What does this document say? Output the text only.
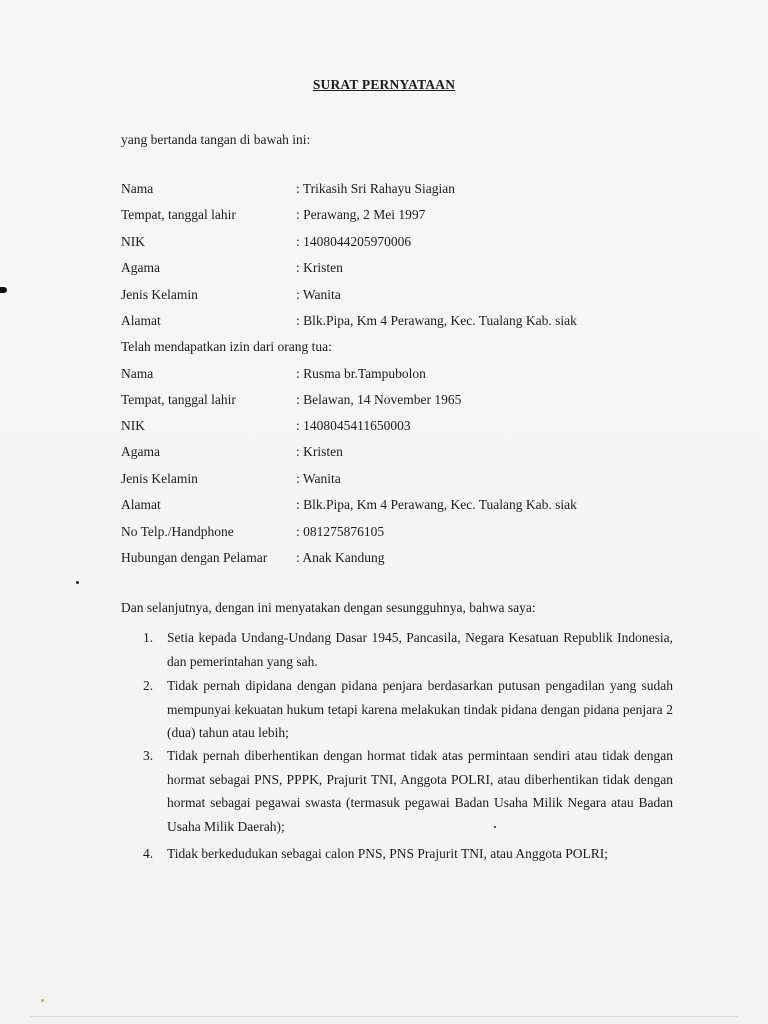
SURAT PERNYATAAN
yang bertanda tangan di bawah ini:
Nama	: Trikasih Sri Rahayu Siagian
Tempat, tanggal lahir	: Perawang, 2 Mei 1997
NIK	: 1408044205970006
Agama	: Kristen
Jenis Kelamin	: Wanita
Alamat	: Blk.Pipa, Km 4 Perawang, Kec. Tualang Kab. siak
Telah mendapatkan izin dari orang tua:
Nama	: Rusma br.Tampubolon
Tempat, tanggal lahir	: Belawan, 14 November 1965
NIK	: 1408045411650003
Agama	: Kristen
Jenis Kelamin	: Wanita
Alamat	: Blk.Pipa, Km 4 Perawang, Kec. Tualang Kab. siak
No Telp./Handphone	: 081275876105
Hubungan dengan Pelamar : Anak Kandung
Dan selanjutnya, dengan ini menyatakan dengan sesungguhnya, bahwa saya:
1. Setia kepada Undang-Undang Dasar 1945, Pancasila, Negara Kesatuan Republik Indonesia, dan pemerintahan yang sah.
2. Tidak pernah dipidana dengan pidana penjara berdasarkan putusan pengadilan yang sudah mempunyai kekuatan hukum tetapi karena melakukan tindak pidana dengan pidana penjara 2 (dua) tahun atau lebih;
3. Tidak pernah diberhentikan dengan hormat tidak atas permintaan sendiri atau tidak dengan hormat sebagai PNS, PPPK, Prajurit TNI, Anggota POLRI, atau diberhentikan tidak dengan hormat sebagai pegawai swasta (termasuk pegawai Badan Usaha Milik Negara atau Badan Usaha Milik Daerah);
4. Tidak berkedudukan sebagai calon PNS, PNS Prajurit TNI, atau Anggota POLRI;
